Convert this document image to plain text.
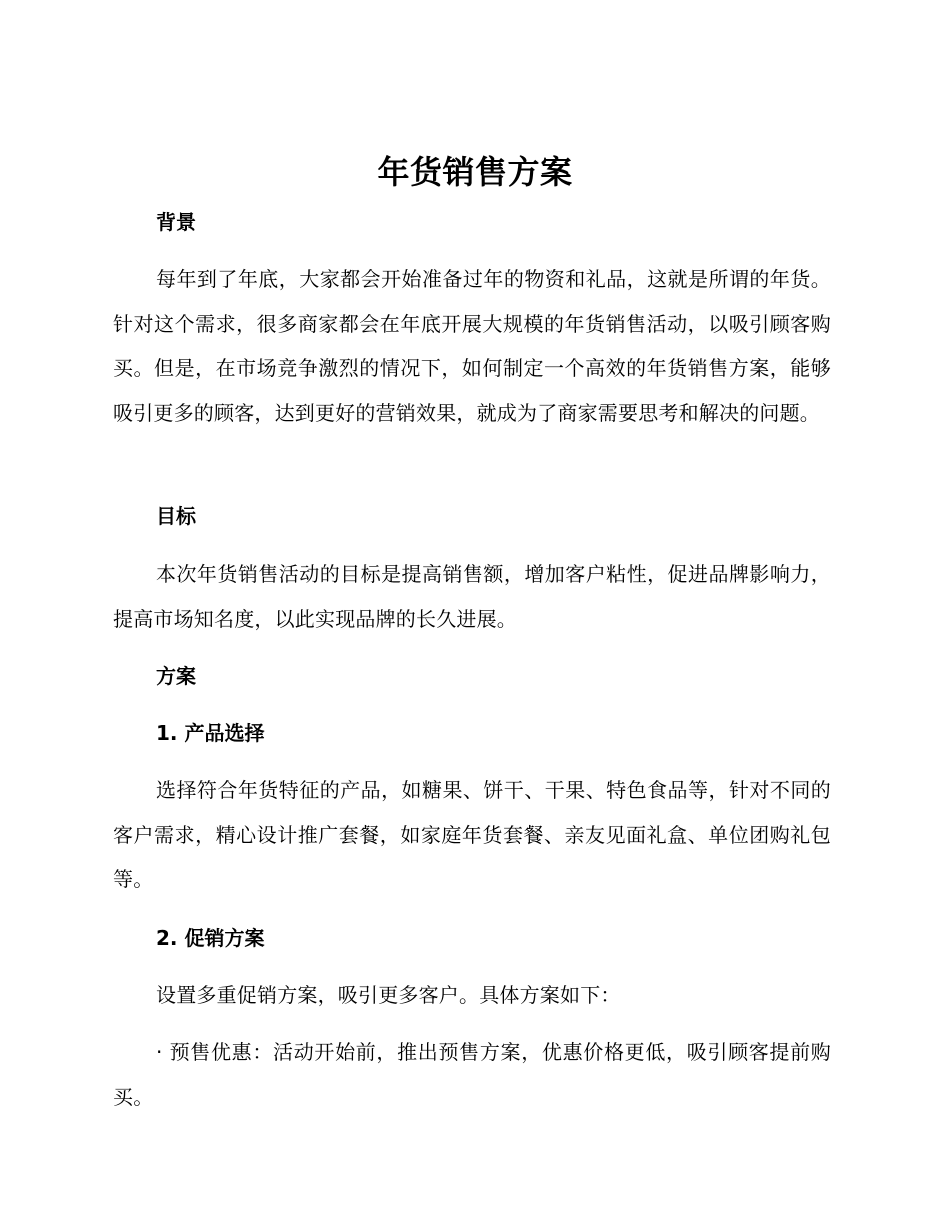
年货销售方案
背景
每年到了年底，大家都会开始准备过年的物资和礼品，这就是所谓的年货。针对这个需求，很多商家都会在年底开展大规模的年货销售活动，以吸引顾客购买。但是，在市场竞争激烈的情况下，如何制定一个高效的年货销售方案，能够吸引更多的顾客，达到更好的营销效果，就成为了商家需要思考和解决的问题。
目标
本次年货销售活动的目标是提高销售额，增加客户粘性，促进品牌影响力，提高市场知名度，以此实现品牌的长久进展。
方案
1. 产品选择
选择符合年货特征的产品，如糖果、饼干、干果、特色食品等，针对不同的客户需求，精心设计推广套餐，如家庭年货套餐、亲友见面礼盒、单位团购礼包等。
2. 促销方案
设置多重促销方案，吸引更多客户。具体方案如下：
· 预售优惠：活动开始前，推出预售方案，优惠价格更低，吸引顾客提前购买。
